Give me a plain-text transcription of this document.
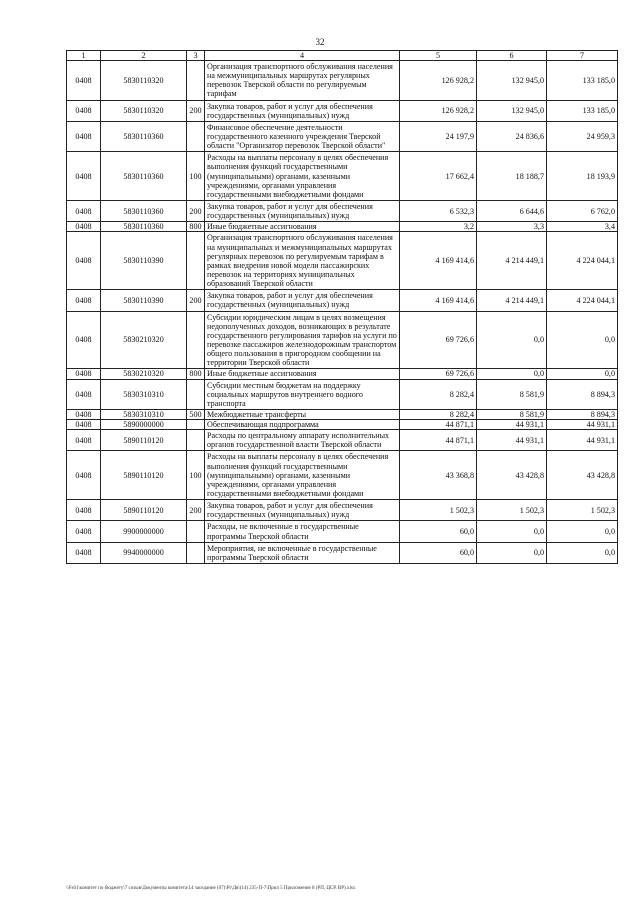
32
1	2	3	4	5	6	7
0408	5830110320		Организация транспортного обслуживания населения на межмуниципальных маршрутах регулярных перевозок Тверской области по регулируемым тарифам	126 928,2	132 945,0	133 185,0
0408	5830110320	200	Закупка товаров, работ и услуг для обеспечения государственных (муниципальных) нужд	126 928,2	132 945,0	133 185,0
0408	5830110360		Финансовое обеспечение деятельности государственного казенного учреждения Тверской области "Организатор перевозок Тверской области"	24 197,9	24 836,6	24 959,3
0408	5830110360	100	Расходы на выплаты персоналу в целях обеспечения выполнения функций государственными (муниципальными) органами, казенными учреждениями, органами управления государственными внебюджетными фондами	17 662,4	18 188,7	18 193,9
0408	5830110360	200	Закупка товаров, работ и услуг для обеспечения государственных (муниципальных) нужд	6 532,3	6 644,6	6 762,0
0408	5830110360	800	Иные бюджетные ассигнования	3,2	3,3	3,4
0408	5830110390		Организация транспортного обслуживания населения на муниципальных и межмуниципальных маршрутах регулярных перевозок по регулируемым тарифам в рамках внедрения новой модели пассажирских перевозок на территориях муниципальных образований Тверской области	4 169 414,6	4 214 449,1	4 224 044,1
0408	5830110390	200	Закупка товаров, работ и услуг для обеспечения государственных (муниципальных) нужд	4 169 414,6	4 214 449,1	4 224 044,1
0408	5830210320		Субсидии юридическим лицам в целях возмещения недополученных доходов, возникающих в результате государственного регулирования тарифов на услуги по перевозке пассажиров железнодорожным транспортом общего пользования в пригородном сообщении на территории Тверской области	69 726,6	0,0	0,0
0408	5830210320	800	Иные бюджетные ассигнования	69 726,6	0,0	0,0
0408	5830310310		Субсидии местным бюджетам на поддержку социальных маршрутов внутреннего водного транспорта	8 282,4	8 581,9	8 894,3
0408	5830310310	500	Межбюджетные трансферты	8 282,4	8 581,9	8 894,3
0408	5890000000		Обеспечивающая подпрограмма	44 871,1	44 931,1	44 931,1
0408	5890110120		Расходы по центральному аппарату исполнительных органов государственной власти Тверской области	44 871,1	44 931,1	44 931,1
0408	5890110120	100	Расходы на выплаты персоналу в целях обеспечения выполнения функций государственными (муниципальными) органами, казенными учреждениями, органами управления государственными внебюджетными фондами	43 368,8	43 428,8	43 428,8
0408	5890110120	200	Закупка товаров, работ и услуг для обеспечения государственных (муниципальных) нужд	1 502,3	1 502,3	1 502,3
0408	9900000000		Расходы, не включенные в государственные программы Тверской области	60,0	0,0	0,0
0408	9940000000		Мероприятия, не включенные в государственные программы Тверской области	60,0	0,0	0,0
\\Fs01\комитет по бюджету\7 созыв\Документы комитета\14 заседание (07)\Pr\Дв\(14) 235-П-7\Прил 5 Приложение 8 (РП, ЦСР, ВР).xlsx
